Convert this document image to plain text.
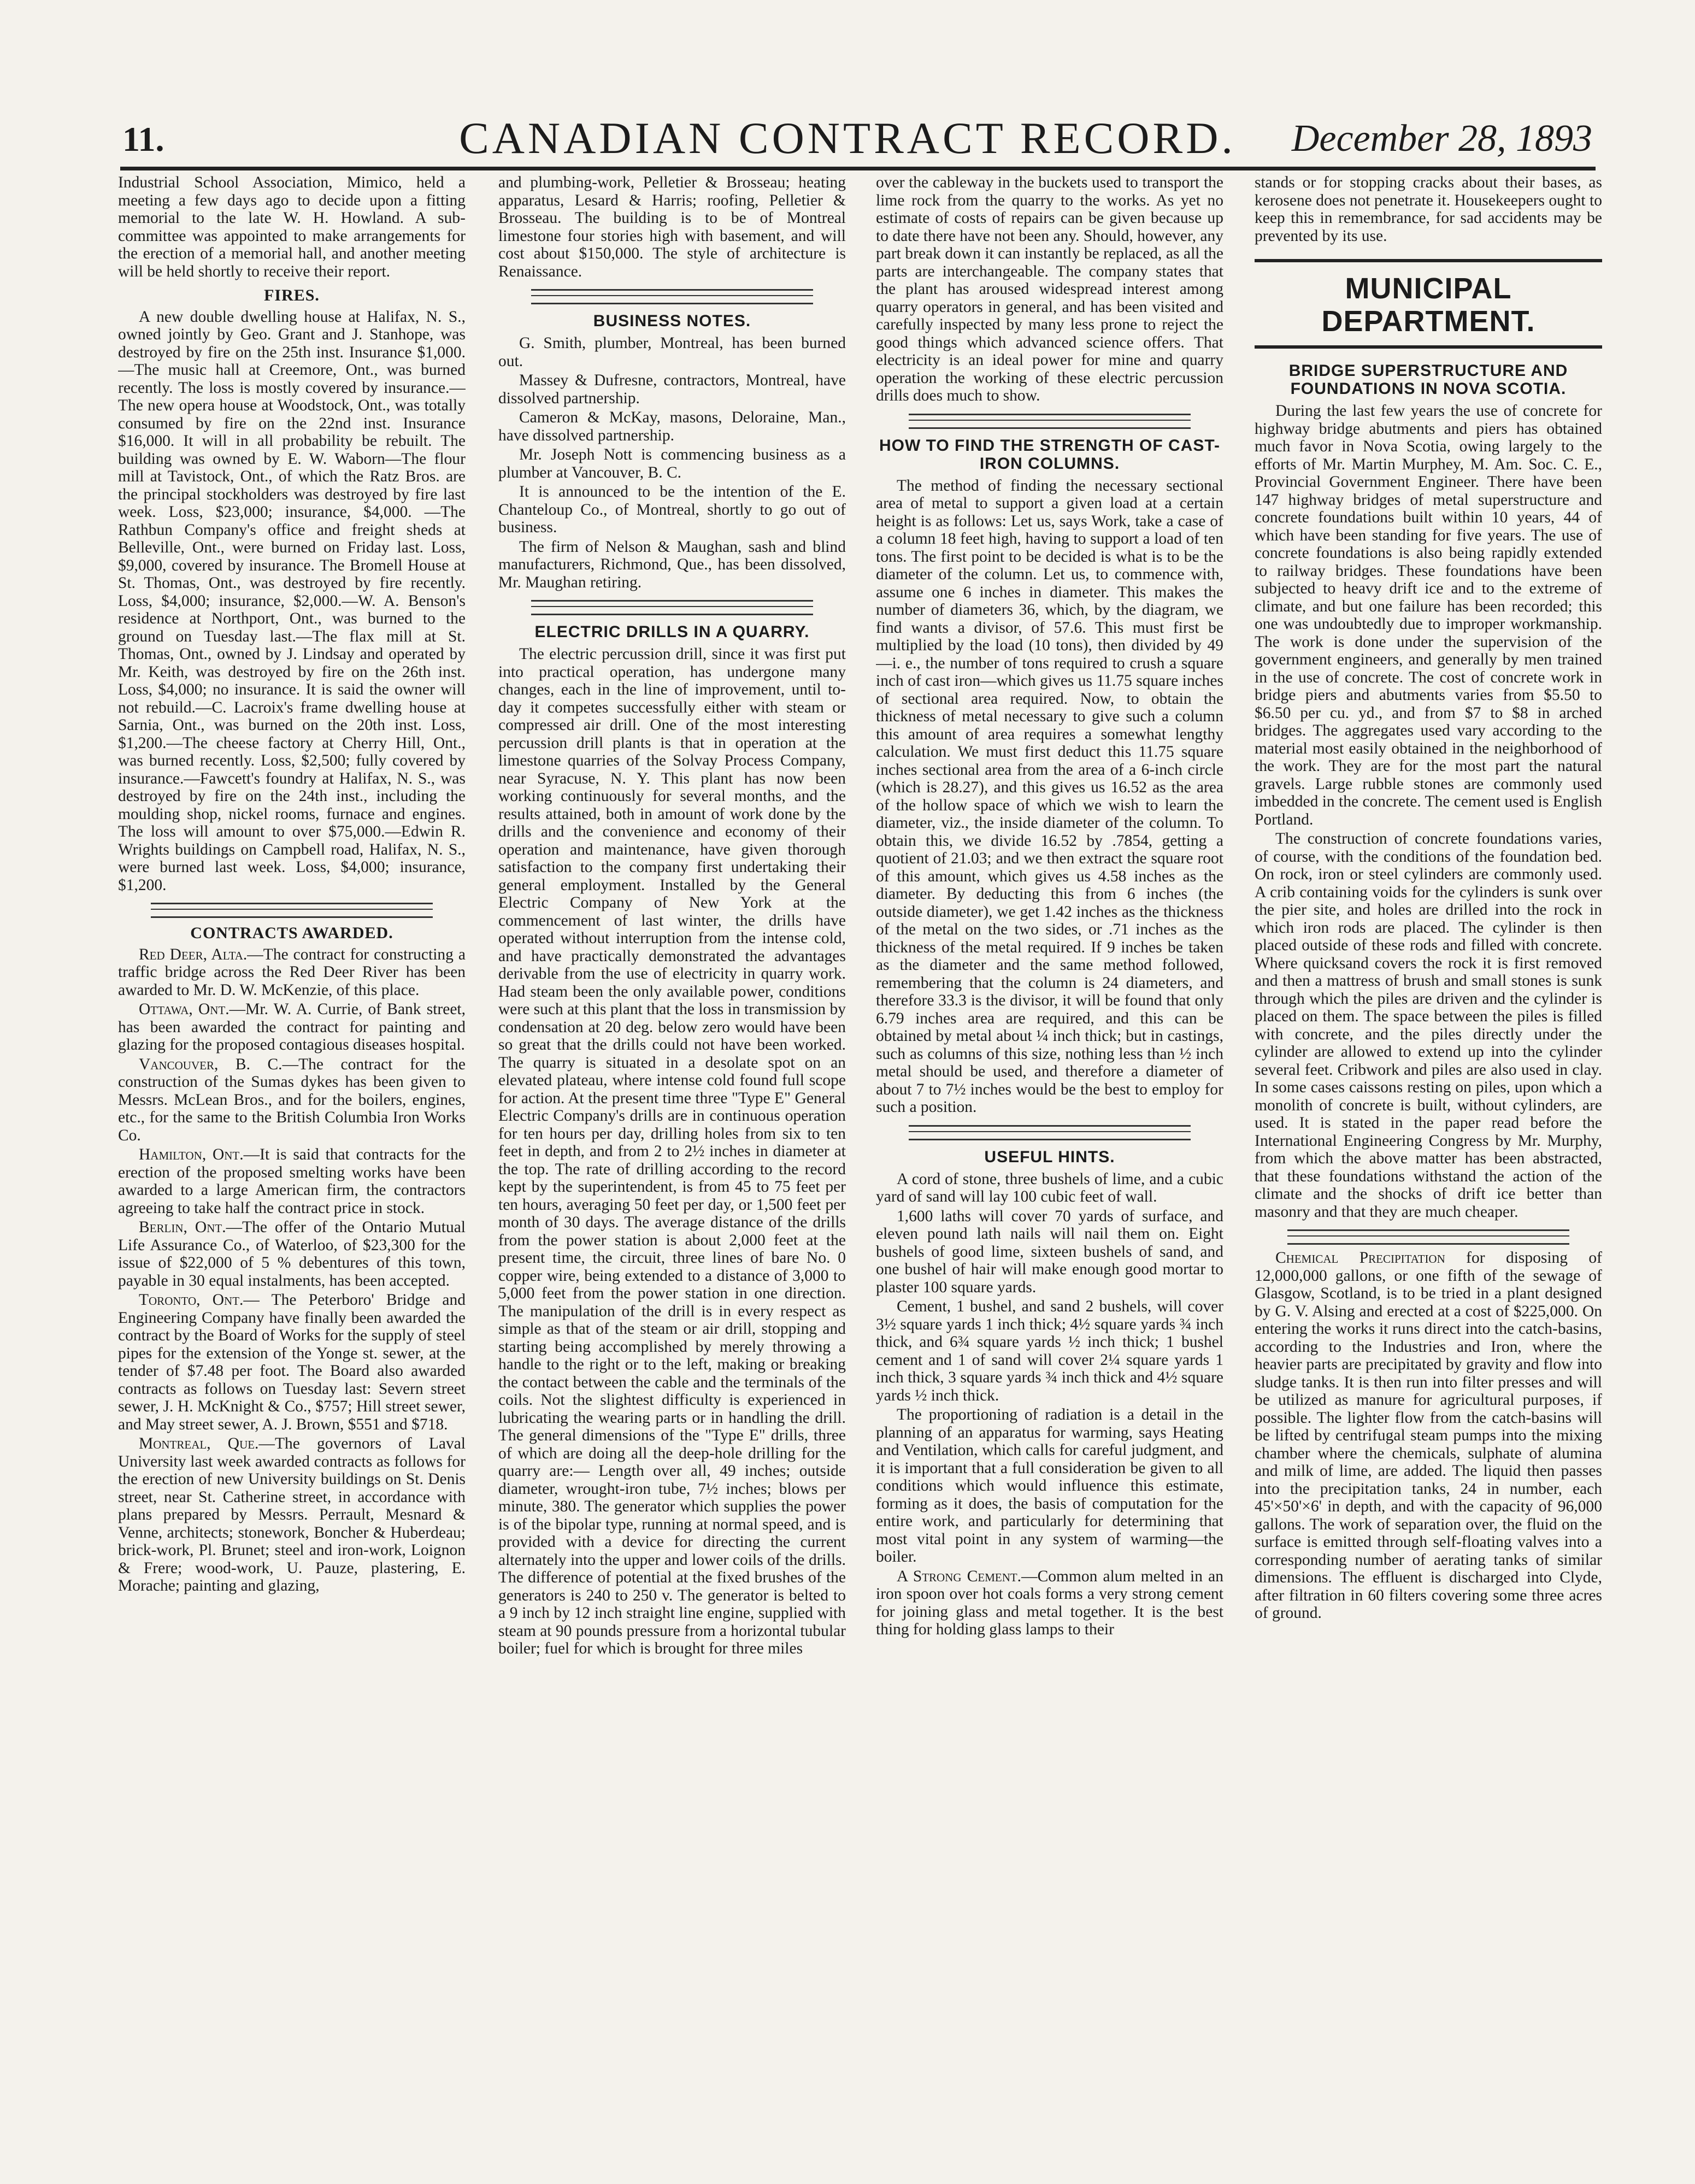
11.	CANADIAN CONTRACT RECORD.	December 28, 1893

Industrial School Association, Mimico, held a meeting a few days ago to decide upon a fitting memorial to the late W. H. Howland. A sub-committee was appointed to make arrangements for the erection of a memorial hall, and another meeting will be held shortly to receive their report.

FIRES.

A new double dwelling house at Halifax, N. S., owned jointly by Geo. Grant and J. Stanhope, was destroyed by fire on the 25th inst. Insurance $1,000.—The music hall at Creemore, Ont., was burned recently. The loss is mostly covered by insurance.—The new opera house at Woodstock, Ont., was totally consumed by fire on the 22nd inst. Insurance $16,000. It will in all probability be rebuilt. The building was owned by E. W. Waborn—The flour mill at Tavistock, Ont., of which the Ratz Bros. are the principal stockholders was destroyed by fire last week. Loss, $23,000; insurance, $4,000. —The Rathbun Company's office and freight sheds at Belleville, Ont., were burned on Friday last. Loss, $9,000, covered by insurance. The Bromell House at St. Thomas, Ont., was destroyed by fire recently. Loss, $4,000; insurance, $2,000.—W. A. Benson's residence at Northport, Ont., was burned to the ground on Tuesday last.—The flax mill at St. Thomas, Ont., owned by J. Lindsay and operated by Mr. Keith, was destroyed by fire on the 26th inst. Loss, $4,000; no insurance. It is said the owner will not rebuild.—C. Lacroix's frame dwelling house at Sarnia, Ont., was burned on the 20th inst. Loss, $1,200.—The cheese factory at Cherry Hill, Ont., was burned recently. Loss, $2,500; fully covered by insurance.—Fawcett's foundry at Halifax, N. S., was destroyed by fire on the 24th inst., including the moulding shop, nickel rooms, furnace and engines. The loss will amount to over $75,000.—Edwin R. Wrights buildings on Campbell road, Halifax, N. S., were burned last week. Loss, $4,000; insurance, $1,200.

CONTRACTS AWARDED.

Red Deer, Alta.—The contract for constructing a traffic bridge across the Red Deer River has been awarded to Mr. D. W. McKenzie, of this place.

Ottawa, Ont.—Mr. W. A. Currie, of Bank street, has been awarded the contract for painting and glazing for the proposed contagious diseases hospital.

Vancouver, B. C.—The contract for the construction of the Sumas dykes has been given to Messrs. McLean Bros., and for the boilers, engines, etc., for the same to the British Columbia Iron Works Co.

Hamilton, Ont.—It is said that contracts for the erection of the proposed smelting works have been awarded to a large American firm, the contractors agreeing to take half the contract price in stock.

Berlin, Ont.—The offer of the Ontario Mutual Life Assurance Co., of Waterloo, of $23,300 for the issue of $22,000 of 5 % debentures of this town, payable in 30 equal instalments, has been accepted.

Toronto, Ont.— The Peterboro' Bridge and Engineering Company have finally been awarded the contract by the Board of Works for the supply of steel pipes for the extension of the Yonge st. sewer, at the tender of $7.48 per foot. The Board also awarded contracts as follows on Tuesday last: Severn street sewer, J. H. McKnight & Co., $757; Hill street sewer, and May street sewer, A. J. Brown, $551 and $718.

Montreal, Que.—The governors of Laval University last week awarded contracts as follows for the erection of new University buildings on St. Denis street, near St. Catherine street, in accordance with plans prepared by Messrs. Perrault, Mesnard & Venne, architects; stonework, Boncher & Huberdeau; brick-work, Pl. Brunet; steel and iron-work, Loignon & Frere; wood-work, U. Pauze, plastering, E. Morache; painting and glazing,

and plumbing-work, Pelletier & Brosseau; heating apparatus, Lesard & Harris; roofing, Pelletier & Brosseau. The building is to be of Montreal limestone four stories high with basement, and will cost about $150,000. The style of architecture is Renaissance.

BUSINESS NOTES.

G. Smith, plumber, Montreal, has been burned out.

Massey & Dufresne, contractors, Montreal, have dissolved partnership.

Cameron & McKay, masons, Deloraine, Man., have dissolved partnership.

Mr. Joseph Nott is commencing business as a plumber at Vancouver, B. C.

It is announced to be the intention of the E. Chanteloup Co., of Montreal, shortly to go out of business.

The firm of Nelson & Maughan, sash and blind manufacturers, Richmond, Que., has been dissolved, Mr. Maughan retiring.

ELECTRIC DRILLS IN A QUARRY.

The electric percussion drill, since it was first put into practical operation, has undergone many changes, each in the line of improvement, until to-day it competes successfully either with steam or compressed air drill. One of the most interesting percussion drill plants is that in operation at the limestone quarries of the Solvay Process Company, near Syracuse, N. Y. This plant has now been working continuously for several months, and the results attained, both in amount of work done by the drills and the convenience and economy of their operation and maintenance, have given thorough satisfaction to the company first undertaking their general employment. Installed by the General Electric Company of New York at the commencement of last winter, the drills have operated without interruption from the intense cold, and have practically demonstrated the advantages derivable from the use of electricity in quarry work. Had steam been the only available power, conditions were such at this plant that the loss in transmission by condensation at 20 deg. below zero would have been so great that the drills could not have been worked. The quarry is situated in a desolate spot on an elevated plateau, where intense cold found full scope for action. At the present time three "Type E" General Electric Company's drills are in continuous operation for ten hours per day, drilling holes from six to ten feet in depth, and from 2 to 2½ inches in diameter at the top. The rate of drilling according to the record kept by the superintendent, is from 45 to 75 feet per ten hours, averaging 50 feet per day, or 1,500 feet per month of 30 days. The average distance of the drills from the power station is about 2,000 feet at the present time, the circuit, three lines of bare No. 0 copper wire, being extended to a distance of 3,000 to 5,000 feet from the power station in one direction. The manipulation of the drill is in every respect as simple as that of the steam or air drill, stopping and starting being accomplished by merely throwing a handle to the right or to the left, making or breaking the contact between the cable and the terminals of the coils. Not the slightest difficulty is experienced in lubricating the wearing parts or in handling the drill. The general dimensions of the "Type E" drills, three of which are doing all the deep-hole drilling for the quarry are:— Length over all, 49 inches; outside diameter, wrought-iron tube, 7½ inches; blows per minute, 380. The generator which supplies the power is of the bipolar type, running at normal speed, and is provided with a device for directing the current alternately into the upper and lower coils of the drills. The difference of potential at the fixed brushes of the generators is 240 to 250 v. The generator is belted to a 9 inch by 12 inch straight line engine, supplied with steam at 90 pounds pressure from a horizontal tubular boiler; fuel for which is brought for three miles

over the cableway in the buckets used to transport the lime rock from the quarry to the works. As yet no estimate of costs of repairs can be given because up to date there have not been any. Should, however, any part break down it can instantly be replaced, as all the parts are interchangeable. The company states that the plant has aroused widespread interest among quarry operators in general, and has been visited and carefully inspected by many less prone to reject the good things which advanced science offers. That electricity is an ideal power for mine and quarry operation the working of these electric percussion drills does much to show.

HOW TO FIND THE STRENGTH OF CAST-IRON COLUMNS.

The method of finding the necessary sectional area of metal to support a given load at a certain height is as follows: Let us, says Work, take a case of a column 18 feet high, having to support a load of ten tons. The first point to be decided is what is to be the diameter of the column. Let us, to commence with, assume one 6 inches in diameter. This makes the number of diameters 36, which, by the diagram, we find wants a divisor, of 57.6. This must first be multiplied by the load (10 tons), then divided by 49—i. e., the number of tons required to crush a square inch of cast iron—which gives us 11.75 square inches of sectional area required. Now, to obtain the thickness of metal necessary to give such a column this amount of area requires a somewhat lengthy calculation. We must first deduct this 11.75 square inches sectional area from the area of a 6-inch circle (which is 28.27), and this gives us 16.52 as the area of the hollow space of which we wish to learn the diameter, viz., the inside diameter of the column. To obtain this, we divide 16.52 by .7854, getting a quotient of 21.03; and we then extract the square root of this amount, which gives us 4.58 inches as the diameter. By deducting this from 6 inches (the outside diameter), we get 1.42 inches as the thickness of the metal on the two sides, or .71 inches as the thickness of the metal required. If 9 inches be taken as the diameter and the same method followed, remembering that the column is 24 diameters, and therefore 33.3 is the divisor, it will be found that only 6.79 inches area are required, and this can be obtained by metal about ¼ inch thick; but in castings, such as columns of this size, nothing less than ½ inch metal should be used, and therefore a diameter of about 7 to 7½ inches would be the best to employ for such a position.

USEFUL HINTS.

A cord of stone, three bushels of lime, and a cubic yard of sand will lay 100 cubic feet of wall.

1,600 laths will cover 70 yards of surface, and eleven pound lath nails will nail them on. Eight bushels of good lime, sixteen bushels of sand, and one bushel of hair will make enough good mortar to plaster 100 square yards.

Cement, 1 bushel, and sand 2 bushels, will cover 3½ square yards 1 inch thick; 4½ square yards ¾ inch thick, and 6¾ square yards ½ inch thick; 1 bushel cement and 1 of sand will cover 2¼ square yards 1 inch thick, 3 square yards ¾ inch thick and 4½ square yards ½ inch thick.

The proportioning of radiation is a detail in the planning of an apparatus for warming, says Heating and Ventilation, which calls for careful judgment, and it is important that a full consideration be given to all conditions which would influence this estimate, forming as it does, the basis of computation for the entire work, and particularly for determining that most vital point in any system of warming—the boiler.

A Strong Cement.—Common alum melted in an iron spoon over hot coals forms a very strong cement for joining glass and metal together. It is the best thing for holding glass lamps to their

stands or for stopping cracks about their bases, as kerosene does not penetrate it. Housekeepers ought to keep this in remembrance, for sad accidents may be prevented by its use.

MUNICIPAL DEPARTMENT.
BRIDGE SUPERSTRUCTURE AND FOUNDATIONS IN NOVA SCOTIA.

During the last few years the use of concrete for highway bridge abutments and piers has obtained much favor in Nova Scotia, owing largely to the efforts of Mr. Martin Murphey, M. Am. Soc. C. E., Provincial Government Engineer. There have been 147 highway bridges of metal superstructure and concrete foundations built within 10 years, 44 of which have been standing for five years. The use of concrete foundations is also being rapidly extended to railway bridges. These foundations have been subjected to heavy drift ice and to the extreme of climate, and but one failure has been recorded; this one was undoubtedly due to improper workmanship. The work is done under the supervision of the government engineers, and generally by men trained in the use of concrete. The cost of concrete work in bridge piers and abutments varies from $5.50 to $6.50 per cu. yd., and from $7 to $8 in arched bridges. The aggregates used vary according to the material most easily obtained in the neighborhood of the work. They are for the most part the natural gravels. Large rubble stones are commonly used imbedded in the concrete. The cement used is English Portland.

The construction of concrete foundations varies, of course, with the conditions of the foundation bed. On rock, iron or steel cylinders are commonly used. A crib containing voids for the cylinders is sunk over the pier site, and holes are drilled into the rock in which iron rods are placed. The cylinder is then placed outside of these rods and filled with concrete. Where quicksand covers the rock it is first removed and then a mattress of brush and small stones is sunk through which the piles are driven and the cylinder is placed on them. The space between the piles is filled with concrete, and the piles directly under the cylinder are allowed to extend up into the cylinder several feet. Cribwork and piles are also used in clay. In some cases caissons resting on piles, upon which a monolith of concrete is built, without cylinders, are used. It is stated in the paper read before the International Engineering Congress by Mr. Murphy, from which the above matter has been abstracted, that these foundations withstand the action of the climate and the shocks of drift ice better than masonry and that they are much cheaper.

Chemical Precipitation for disposing of 12,000,000 gallons, or one fifth of the sewage of Glasgow, Scotland, is to be tried in a plant designed by G. V. Alsing and erected at a cost of $225,000. On entering the works it runs direct into the catch-basins, according to the Industries and Iron, where the heavier parts are precipitated by gravity and flow into sludge tanks. It is then run into filter presses and will be utilized as manure for agricultural purposes, if possible. The lighter flow from the catch-basins will be lifted by centrifugal steam pumps into the mixing chamber where the chemicals, sulphate of alumina and milk of lime, are added. The liquid then passes into the precipitation tanks, 24 in number, each 45'×50'×6' in depth, and with the capacity of 96,000 gallons. The work of separation over, the fluid on the surface is emitted through self-floating valves into a corresponding number of aerating tanks of similar dimensions. The effluent is discharged into Clyde, after filtration in 60 filters covering some three acres of ground.
